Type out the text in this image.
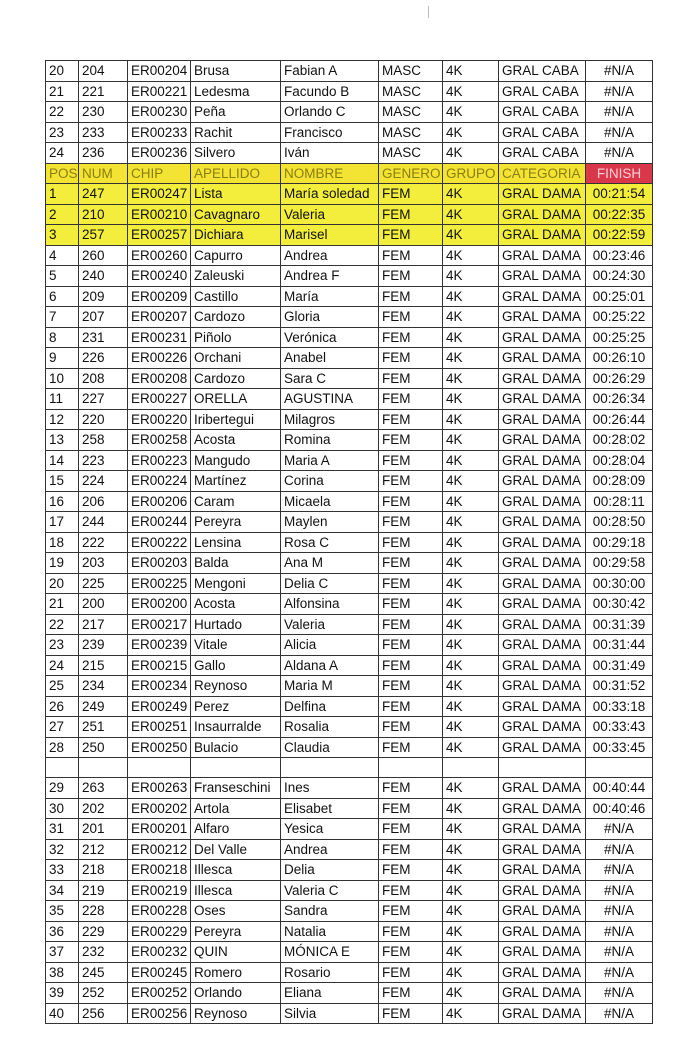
20	204	ER00204	Brusa	Fabian A	MASC	4K	GRAL CABA	#N/A
21	221	ER00221	Ledesma	Facundo B	MASC	4K	GRAL CABA	#N/A
22	230	ER00230	Peña	Orlando C	MASC	4K	GRAL CABA	#N/A
23	233	ER00233	Rachit	Francisco	MASC	4K	GRAL CABA	#N/A
24	236	ER00236	Silvero	Iván	MASC	4K	GRAL CABA	#N/A
POS	NUM	CHIP	APELLIDO	NOMBRE	GENERO	GRUPO	CATEGORIA	FINISH
1	247	ER00247	Lista	María soledad	FEM	4K	GRAL DAMA	00:21:54
2	210	ER00210	Cavagnaro	Valeria	FEM	4K	GRAL DAMA	00:22:35
3	257	ER00257	Dichiara	Marisel	FEM	4K	GRAL DAMA	00:22:59
4	260	ER00260	Capurro	Andrea	FEM	4K	GRAL DAMA	00:23:46
5	240	ER00240	Zaleuski	Andrea F	FEM	4K	GRAL DAMA	00:24:30
6	209	ER00209	Castillo	María	FEM	4K	GRAL DAMA	00:25:01
7	207	ER00207	Cardozo	Gloria	FEM	4K	GRAL DAMA	00:25:22
8	231	ER00231	Piñolo	Verónica	FEM	4K	GRAL DAMA	00:25:25
9	226	ER00226	Orchani	Anabel	FEM	4K	GRAL DAMA	00:26:10
10	208	ER00208	Cardozo	Sara C	FEM	4K	GRAL DAMA	00:26:29
11	227	ER00227	ORELLA	AGUSTINA	FEM	4K	GRAL DAMA	00:26:34
12	220	ER00220	Iribertegui	Milagros	FEM	4K	GRAL DAMA	00:26:44
13	258	ER00258	Acosta	Romina	FEM	4K	GRAL DAMA	00:28:02
14	223	ER00223	Mangudo	Maria A	FEM	4K	GRAL DAMA	00:28:04
15	224	ER00224	Martínez	Corina	FEM	4K	GRAL DAMA	00:28:09
16	206	ER00206	Caram	Micaela	FEM	4K	GRAL DAMA	00:28:11
17	244	ER00244	Pereyra	Maylen	FEM	4K	GRAL DAMA	00:28:50
18	222	ER00222	Lensina	Rosa C	FEM	4K	GRAL DAMA	00:29:18
19	203	ER00203	Balda	Ana M	FEM	4K	GRAL DAMA	00:29:58
20	225	ER00225	Mengoni	Delia C	FEM	4K	GRAL DAMA	00:30:00
21	200	ER00200	Acosta	Alfonsina	FEM	4K	GRAL DAMA	00:30:42
22	217	ER00217	Hurtado	Valeria	FEM	4K	GRAL DAMA	00:31:39
23	239	ER00239	Vitale	Alicia	FEM	4K	GRAL DAMA	00:31:44
24	215	ER00215	Gallo	Aldana A	FEM	4K	GRAL DAMA	00:31:49
25	234	ER00234	Reynoso	Maria M	FEM	4K	GRAL DAMA	00:31:52
26	249	ER00249	Perez	Delfina	FEM	4K	GRAL DAMA	00:33:18
27	251	ER00251	Insaurralde	Rosalia	FEM	4K	GRAL DAMA	00:33:43
28	250	ER00250	Bulacio	Claudia	FEM	4K	GRAL DAMA	00:33:45

29	263	ER00263	Franseschini	Ines	FEM	4K	GRAL DAMA	00:40:44
30	202	ER00202	Artola	Elisabet	FEM	4K	GRAL DAMA	00:40:46
31	201	ER00201	Alfaro	Yesica	FEM	4K	GRAL DAMA	#N/A
32	212	ER00212	Del Valle	Andrea	FEM	4K	GRAL DAMA	#N/A
33	218	ER00218	Illesca	Delia	FEM	4K	GRAL DAMA	#N/A
34	219	ER00219	Illesca	Valeria C	FEM	4K	GRAL DAMA	#N/A
35	228	ER00228	Oses	Sandra	FEM	4K	GRAL DAMA	#N/A
36	229	ER00229	Pereyra	Natalia	FEM	4K	GRAL DAMA	#N/A
37	232	ER00232	QUIN	MÓNICA E	FEM	4K	GRAL DAMA	#N/A
38	245	ER00245	Romero	Rosario	FEM	4K	GRAL DAMA	#N/A
39	252	ER00252	Orlando	Eliana	FEM	4K	GRAL DAMA	#N/A
40	256	ER00256	Reynoso	Silvia	FEM	4K	GRAL DAMA	#N/A
